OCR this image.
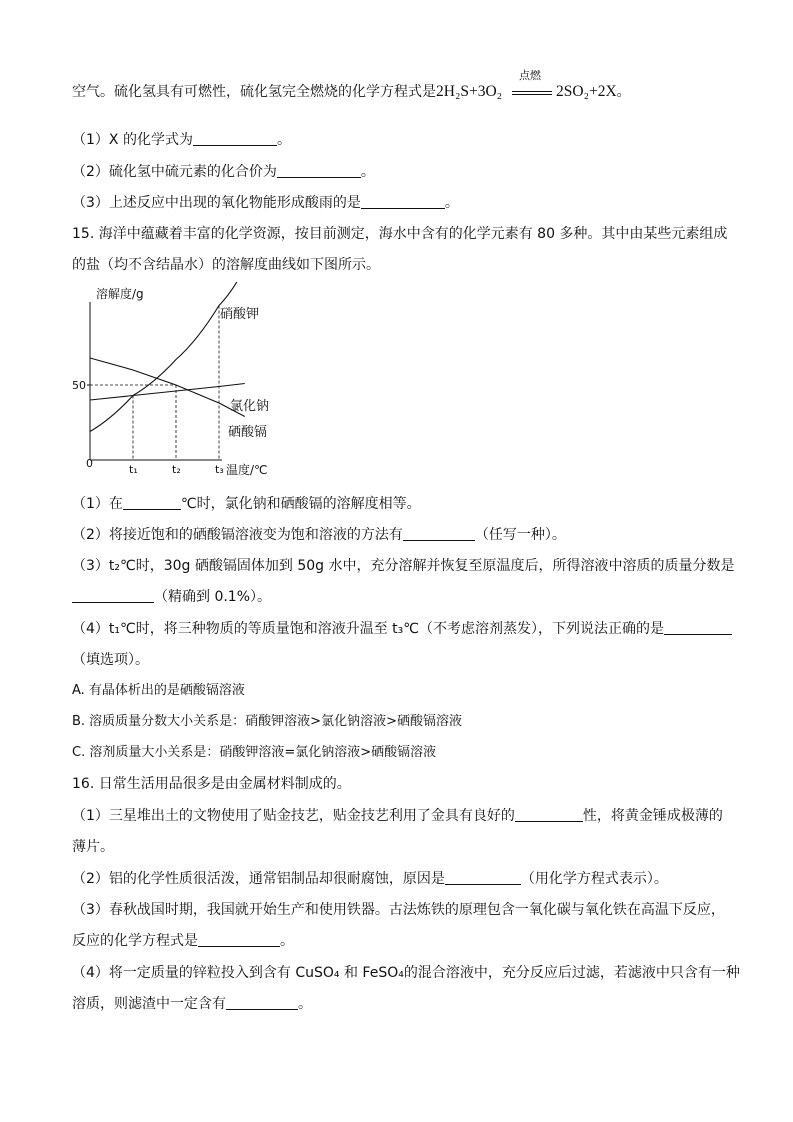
空气。硫化氢具有可燃性，硫化氢完全燃烧的化学方程式是2H₂S+3O₂
点燃
2SO₂+2X。
（1）X 的化学式为	。
（2）硫化氢中硫元素的化合价为	。
（3）上述反应中出现的氧化物能形成酸雨的是	。
15. 海洋中蕴藏着丰富的化学资源，按目前测定，海水中含有的化学元素有 80 多种。其中由某些元素组成
的盐（均不含结晶水）的溶解度曲线如下图所示。
溶解度/g
温度/℃
0
50
t₁	t₂	t₃
硝酸钾
氯化钠
硒酸镉
（1）在	℃时，氯化钠和硒酸镉的溶解度相等。
（2）将接近饱和的硒酸镉溶液变为饱和溶液的方法有	（任写一种）。
（3）t₂℃时，30g 硒酸镉固体加到 50g 水中，充分溶解并恢复至原温度后，所得溶液中溶质的质量分数是
（精确到 0.1%）。
（4）t₁℃时，将三种物质的等质量饱和溶液升温至 t₃℃（不考虑溶剂蒸发），下列说法正确的是
（填选项）。
A. 有晶体析出的是硒酸镉溶液
B. 溶质质量分数大小关系是：硝酸钾溶液>氯化钠溶液>硒酸镉溶液
C. 溶剂质量大小关系是：硝酸钾溶液=氯化钠溶液>硒酸镉溶液
16. 日常生活用品很多是由金属材料制成的。
（1）三星堆出土的文物使用了贴金技艺，贴金技艺利用了金具有良好的	性，将黄金锤成极薄的
薄片。
（2）铝的化学性质很活泼，通常铝制品却很耐腐蚀，原因是	（用化学方程式表示）。
（3）春秋战国时期，我国就开始生产和使用铁器。古法炼铁的原理包含一氧化碳与氧化铁在高温下反应，
反应的化学方程式是	。
（4）将一定质量的锌粒投入到含有 CuSO₄ 和 FeSO₄的混合溶液中，充分反应后过滤，若滤液中只含有一种
溶质，则滤渣中一定含有	。
